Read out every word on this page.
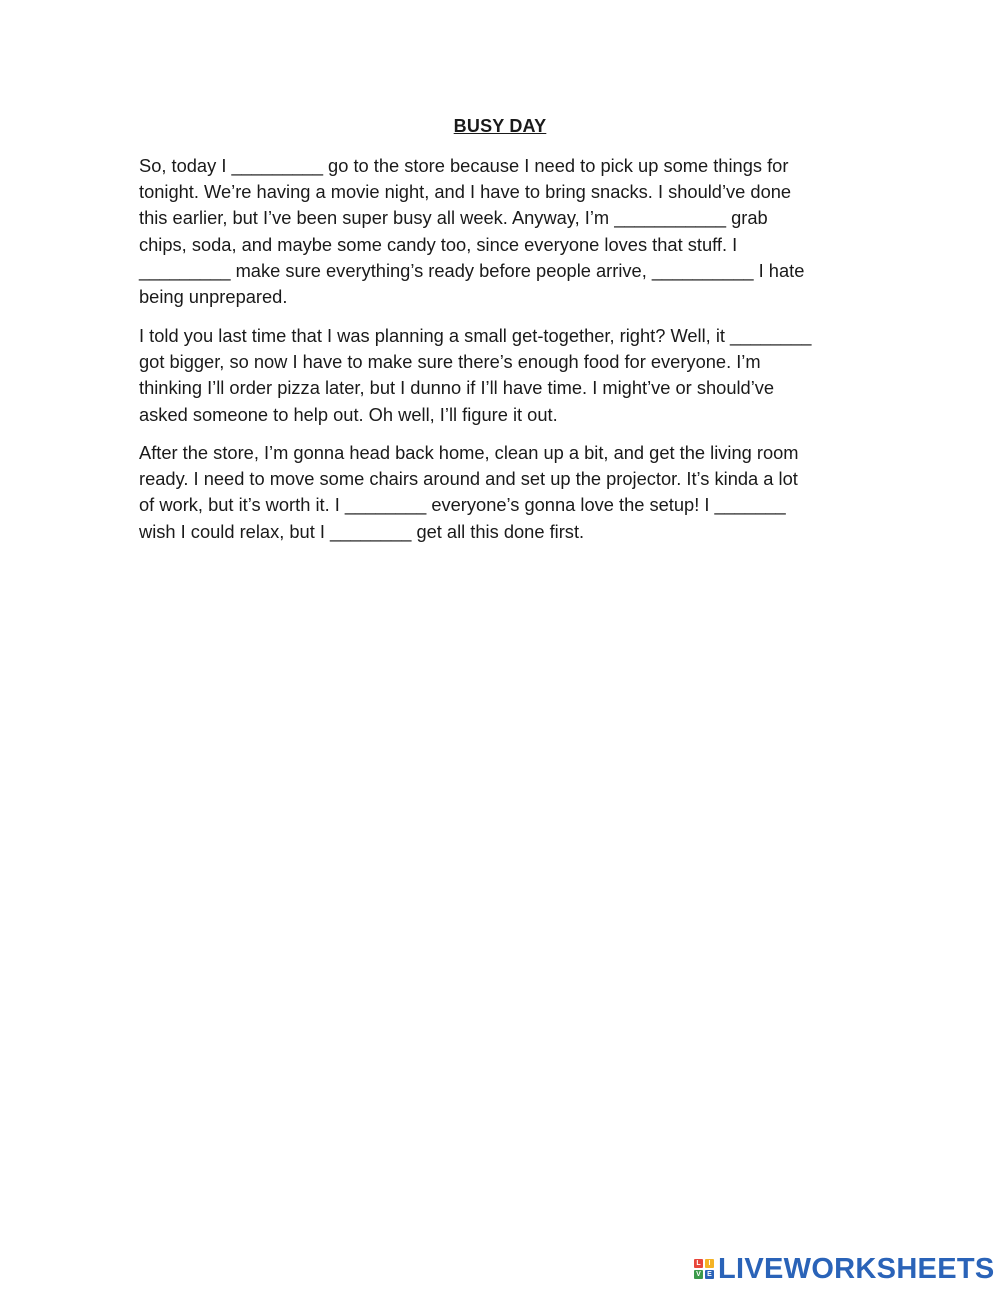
BUSY DAY

So, today I _________ go to the store because I need to pick up some things for
tonight. We’re having a movie night, and I have to bring snacks. I should’ve done
this earlier, but I’ve been super busy all week. Anyway, I’m ___________ grab
chips, soda, and maybe some candy too, since everyone loves that stuff. I
_________ make sure everything’s ready before people arrive, __________ I hate
being unprepared.

I told you last time that I was planning a small get-together, right? Well, it ________
got bigger, so now I have to make sure there’s enough food for everyone. I’m
thinking I’ll order pizza later, but I dunno if I’ll have time. I might’ve or should’ve
asked someone to help out. Oh well, I’ll figure it out.

After the store, I’m gonna head back home, clean up a bit, and get the living room
ready. I need to move some chairs around and set up the projector. It’s kinda a lot
of work, but it’s worth it. I ________ everyone’s gonna love the setup! I _______
wish I could relax, but I ________ get all this done first.

L	I
V E LIVEWORKSHEETS
